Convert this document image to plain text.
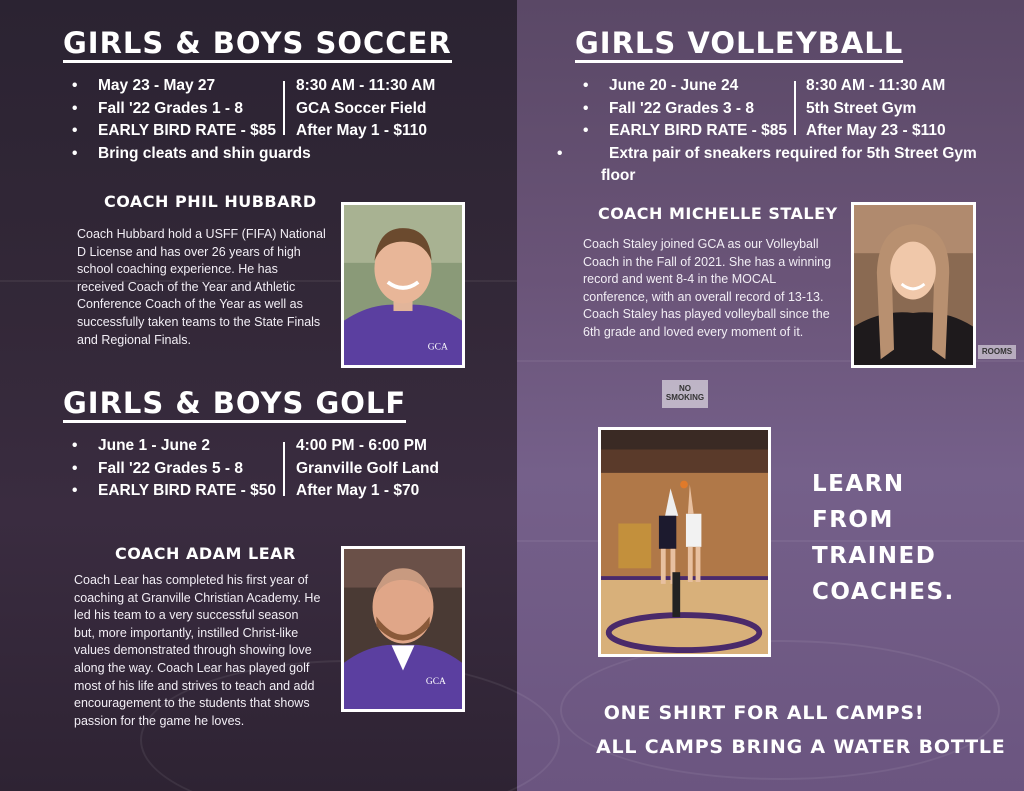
NO SMOKING
ROOMS
GIRLS & BOYS SOCCER
• May 23 - May 27
• Fall '22 Grades 1 - 8
• EARLY BIRD RATE - $85
• Bring cleats and shin guards
8:30 AM - 11:30 AM
GCA Soccer Field
After May 1 - $110
COACH PHIL HUBBARD
Coach Hubbard hold a USFF (FIFA) National D License and has over 26 years of high school coaching experience. He has received Coach of the Year and Athletic Conference Coach of the Year as well as successfully taken teams to the State Finals and Regional Finals.
GCA
GIRLS & BOYS GOLF
• June 1 - June 2
• Fall '22 Grades 5 - 8
• EARLY BIRD RATE - $50
4:00 PM - 6:00 PM
Granville Golf Land
After May 1 - $70
COACH ADAM LEAR
Coach Lear has completed his first year of coaching at Granville Christian Academy. He led his team to a very successful season but, more importantly, instilled Christ-like values demonstrated through showing love along the way. Coach Lear has played golf most of his life and strives to teach and add encouragement to the students that shows passion for the game he loves.
GCA
GIRLS VOLLEYBALL
• June 20 - June 24
• Fall '22 Grades 3 - 8
• EARLY BIRD RATE - $85
• Extra pair of sneakers required for 5th Street Gym floor
8:30 AM - 11:30 AM
5th Street Gym
After May 23 - $110
COACH MICHELLE STALEY
Coach Staley joined GCA as our Volleyball Coach in the Fall of 2021. She has a winning record and went 8-4 in the MOCAL conference, with an overall record of 13-13. Coach Staley has played volleyball since the 6th grade and loved every moment of it.
LEARN
FROM
TRAINED
COACHES.
ONE SHIRT FOR ALL CAMPS!
ALL CAMPS BRING A WATER BOTTLE
